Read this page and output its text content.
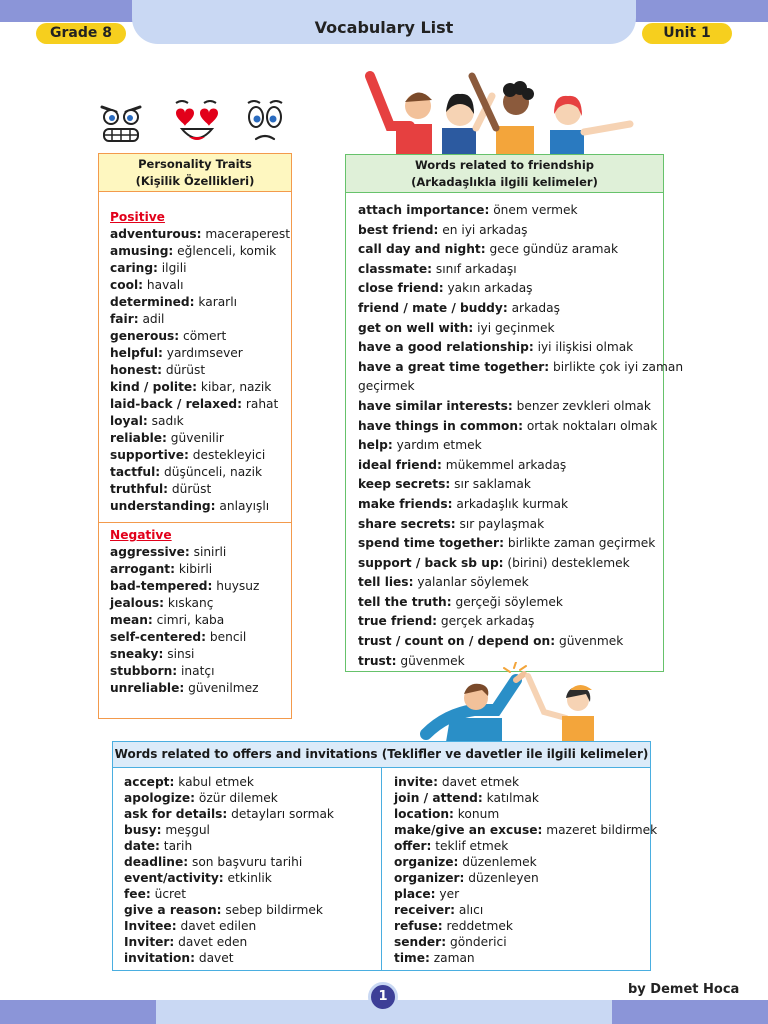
Vocabulary List
Grade 8	Unit 1
Personality Traits
(Kişilik Özellikleri)
Positive
adventurous: maceraperest
amusing: eğlenceli, komik
caring: ilgili
cool: havalı
determined: kararlı
fair: adil
generous: cömert
helpful: yardımsever
honest: dürüst
kind / polite: kibar, nazik
laid-back / relaxed: rahat
loyal: sadık
reliable: güvenilir
supportive: destekleyici
tactful: düşünceli, nazik
truthful: dürüst
understanding: anlayışlı
Negative
aggressive: sinirli
arrogant: kibirli
bad-tempered: huysuz
jealous: kıskanç
mean: cimri, kaba
self-centered: bencil
sneaky: sinsi
stubborn: inatçı
unreliable: güvenilmez
Words related to friendship
(Arkadaşlıkla ilgili kelimeler)
attach importance: önem vermek
best friend: en iyi arkadaş
call day and night: gece gündüz aramak
classmate: sınıf arkadaşı
close friend: yakın arkadaş
friend / mate / buddy: arkadaş
get on well with: iyi geçinmek
have a good relationship: iyi ilişkisi olmak
have a great time together: birlikte çok iyi zaman
geçirmek
have similar interests: benzer zevkleri olmak
have things in common: ortak noktaları olmak
help: yardım etmek
ideal friend: mükemmel arkadaş
keep secrets: sır saklamak
make friends: arkadaşlık kurmak
share secrets: sır paylaşmak
spend time together: birlikte zaman geçirmek
support / back sb up: (birini) desteklemek
tell lies: yalanlar söylemek
tell the truth: gerçeği söylemek
true friend: gerçek arkadaş
trust / count on / depend on: güvenmek
trust: güvenmek
Words related to offers and invitations (Teklifler ve davetler ile ilgili kelimeler)
accept: kabul etmek
apologize: özür dilemek
ask for details: detayları sormak
busy: meşgul
date: tarih
deadline: son başvuru tarihi
event/activity: etkinlik
fee: ücret
give a reason: sebep bildirmek
Invitee: davet edilen
Inviter: davet eden
invitation: davet
invite: davet etmek
join / attend: katılmak
location: konum
make/give an excuse: mazeret bildirmek
offer: teklif etmek
organize: düzenlemek
organizer: düzenleyen
place: yer
receiver: alıcı
refuse: reddetmek
sender: gönderici
time: zaman
1	by Demet Hoca
